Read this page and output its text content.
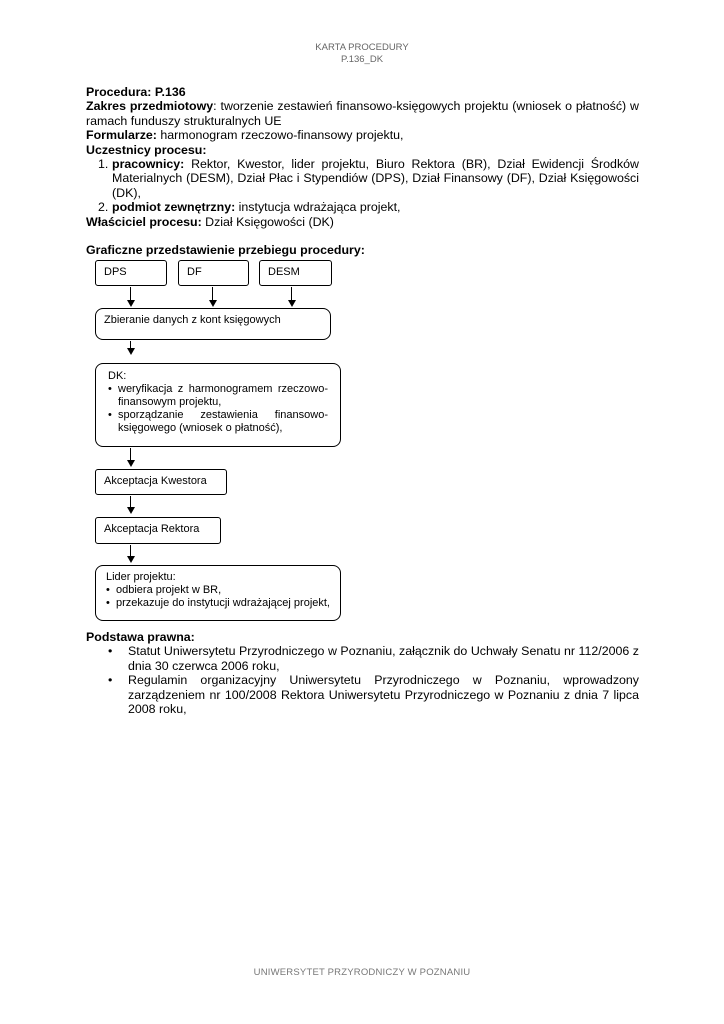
KARTA PROCEDURY
P.136_DK

Procedura: P.136

Zakres przedmiotowy: tworzenie zestawień finansowo-księgowych projektu (wniosek o płatność) w ramach funduszy strukturalnych UE

Formularze: harmonogram rzeczowo-finansowy projektu,

Uczestnicy procesu:

1. pracownicy: Rektor, Kwestor, lider projektu, Biuro Rektora (BR), Dział Ewidencji Środków Materialnych (DESM), Dział Płac i Stypendiów (DPS), Dział Finansowy (DF), Dział Księgowości (DK),
2. podmiot zewnętrzny: instytucja wdrażająca projekt,

Właściciel procesu: Dział Księgowości (DK)

Graficzne przedstawienie przebiegu procedury:

DPS	DF	DESM
Zbieranie danych z kont księgowych
DK:
• weryfikacja z harmonogramem rzeczowo-finansowym projektu,
• sporządzanie zestawienia finansowo-księgowego (wniosek o płatność),
Akceptacja Kwestora
Akceptacja Rektora
Lider projektu:
• odbiera projekt w BR,
• przekazuje do instytucji wdrażającej projekt,

Podstawa prawna:

• Statut Uniwersytetu Przyrodniczego w Poznaniu, załącznik do Uchwały Senatu nr 112/2006 z dnia 30 czerwca 2006 roku,
• Regulamin organizacyjny Uniwersytetu Przyrodniczego w Poznaniu, wprowadzony zarządzeniem nr 100/2008 Rektora Uniwersytetu Przyrodniczego w Poznaniu z dnia 7 lipca 2008 roku,
UNIWERSYTET PRZYRODNICZY W POZNANIU
